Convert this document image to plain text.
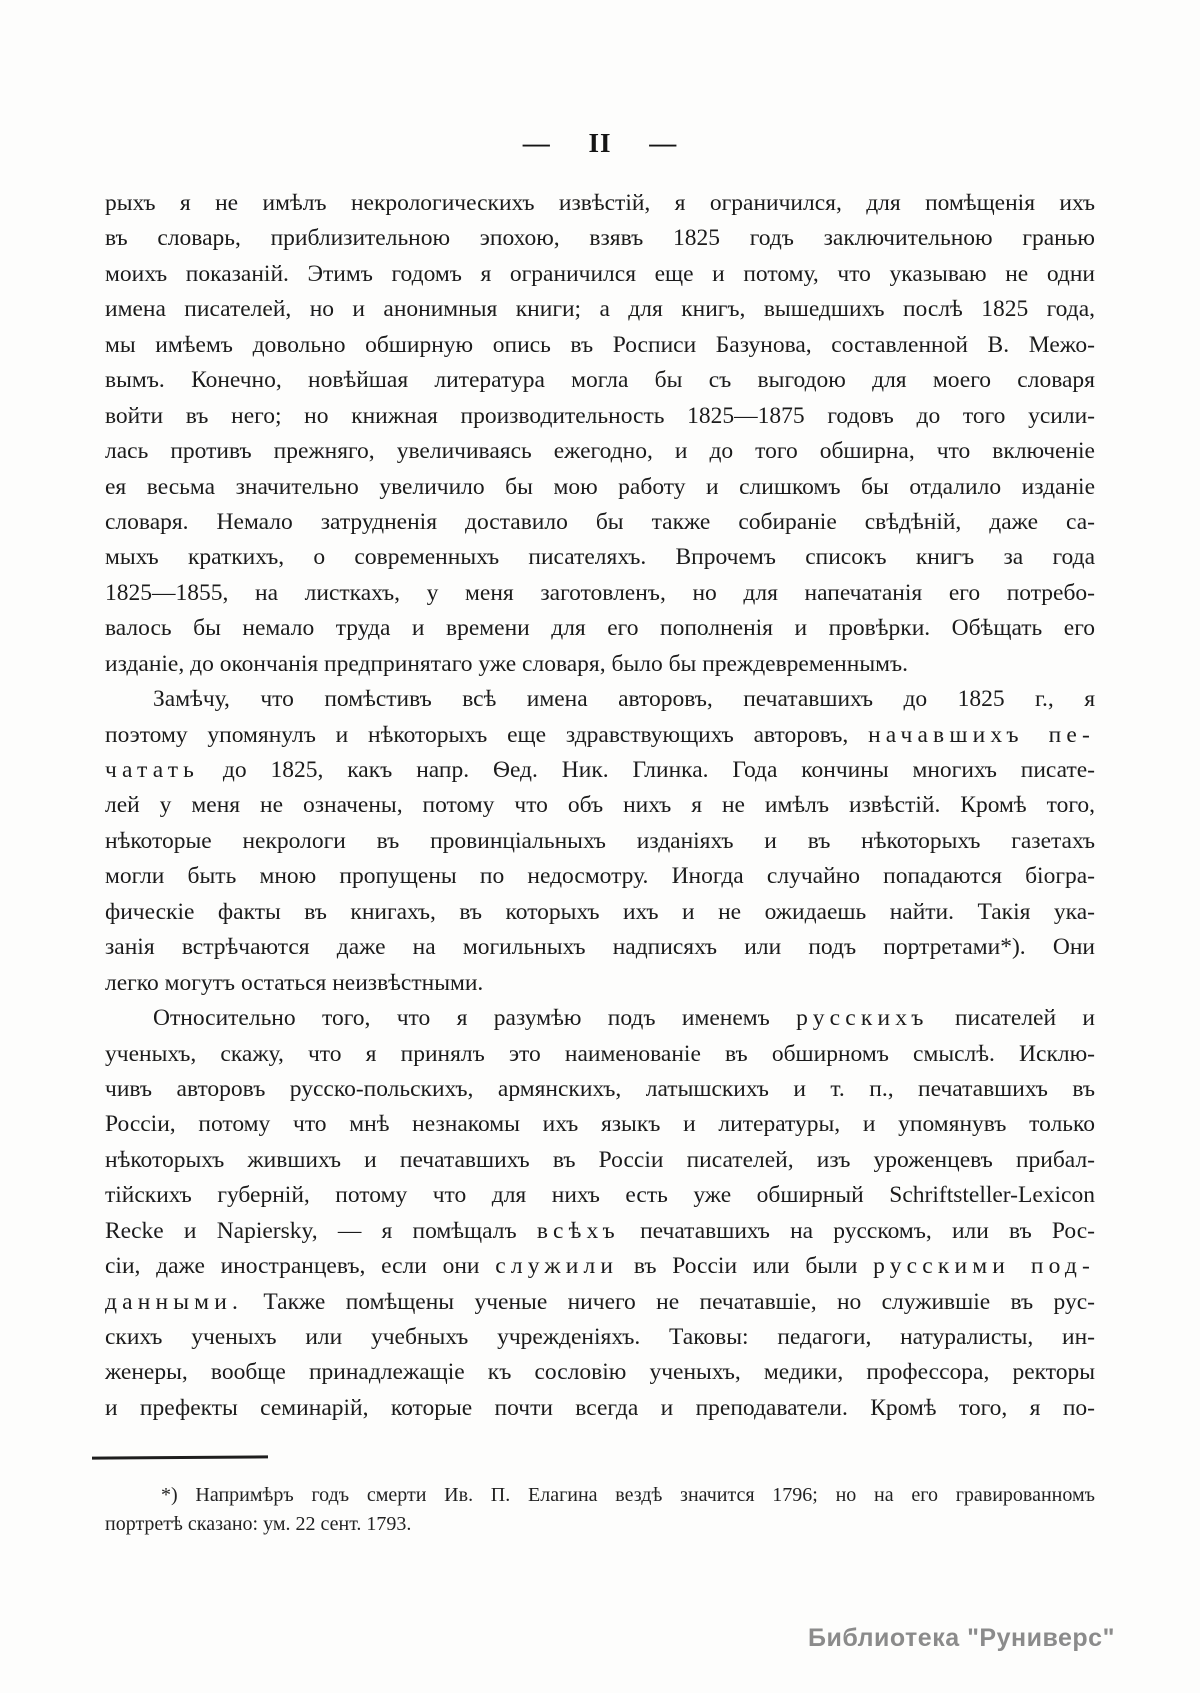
— II —
рыхъ я не имѣлъ некрологическихъ извѣстій, я ограничился, для помѣщенія ихъ
въ словарь, приблизительною эпохою, взявъ 1825 годъ заключительною гранью
моихъ показаній. Этимъ годомъ я ограничился еще и потому, что указываю не одни
имена писателей, но и анонимныя книги; а для книгъ, вышедшихъ послѣ 1825 года,
мы имѣемъ довольно обширную опись въ Росписи Базунова, составленной В. Межо-
вымъ. Конечно, новѣйшая литература могла бы съ выгодою для моего словаря
войти въ него; но книжная производительность 1825—1875 годовъ до того усили-
лась противъ прежняго, увеличиваясь ежегодно, и до того обширна, что включеніе
ея весьма значительно увеличило бы мою работу и слишкомъ бы отдалило изданіе
словаря. Немало затрудненія доставило бы также собираніе свѣдѣній, даже са-
мыхъ краткихъ, о современныхъ писателяхъ. Впрочемъ списокъ книгъ за года
1825—1855, на листкахъ, у меня заготовленъ, но для напечатанія его потребо-
валось бы немало труда и времени для его пополненія и провѣрки. Обѣщать его
изданіе, до окончанія предпринятаго уже словаря, было бы преждевременнымъ.
Замѣчу, что помѣстивъ всѣ имена авторовъ, печатавшихъ до 1825 г., я
поэтому упомянулъ и нѣкоторыхъ еще здравствующихъ авторовъ, начавшихъ пе-
чатать до 1825, какъ напр. Ѳед. Ник. Глинка. Года кончины многихъ писате-
лей у меня не означены, потому что объ нихъ я не имѣлъ извѣстій. Кромѣ того,
нѣкоторые некрологи въ провинціальныхъ изданіяхъ и въ нѣкоторыхъ газетахъ
могли быть мною пропущены по недосмотру. Иногда случайно попадаются біогра-
фическіе факты въ книгахъ, въ которыхъ ихъ и не ожидаешь найти. Такія ука-
занія встрѣчаются даже на могильныхъ надписяхъ или подъ портретами*). Они
легко могутъ остаться неизвѣстными.
Относительно того, что я разумѣю подъ именемъ русскихъ писателей и
ученыхъ, скажу, что я принялъ это наименованіе въ обширномъ смыслѣ. Исклю-
чивъ авторовъ русско-польскихъ, армянскихъ, латышскихъ и т. п., печатавшихъ въ
Россіи, потому что мнѣ незнакомы ихъ языкъ и литературы, и упомянувъ только
нѣкоторыхъ жившихъ и печатавшихъ въ Россіи писателей, изъ уроженцевъ прибал-
тійскихъ губерній, потому что для нихъ есть уже обширный Schriftsteller-Lexicon
Recke и Napiersky, — я помѣщалъ всѣхъ печатавшихъ на русскомъ, или въ Рос-
сіи, даже иностранцевъ, если они служили въ Россіи или были русскими под-
данными. Также помѣщены ученые ничего не печатавшіе, но служившіе въ рус-
скихъ ученыхъ или учебныхъ учрежденіяхъ. Таковы: педагоги, натуралисты, ин-
женеры, вообще принадлежащіе къ сословію ученыхъ, медики, профессора, ректоры
и префекты семинарій, которые почти всегда и преподаватели. Кромѣ того, я по-
*) Напримѣръ годъ смерти Ив. П. Елагина вездѣ значится 1796; но на его гравированномъ
портретѣ сказано: ум. 22 сент. 1793.
Библиотека "Руниверс"
